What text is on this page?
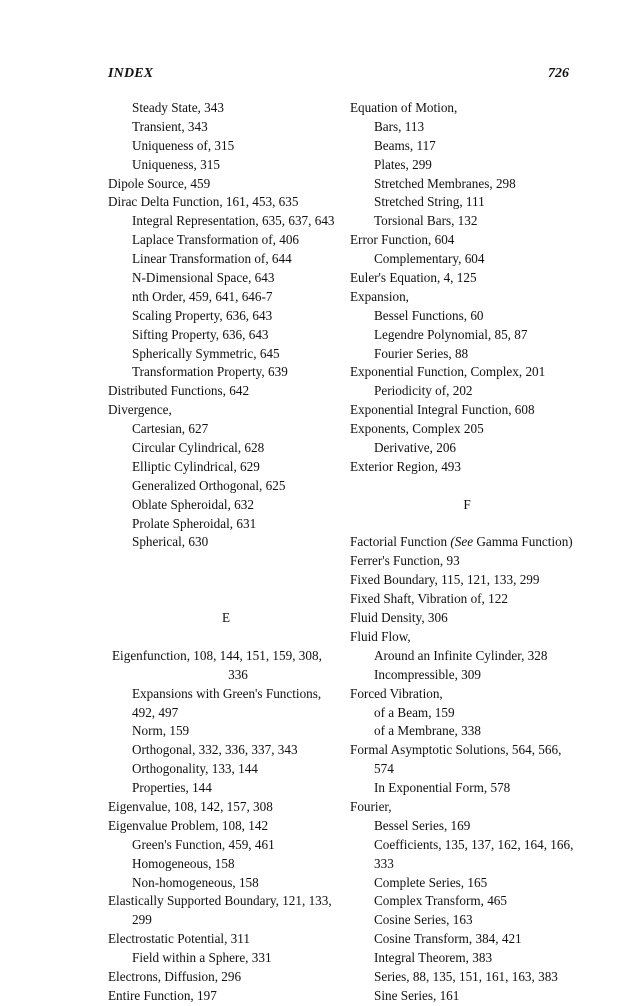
INDEX	726
Steady State, 343
Transient, 343
Uniqueness of, 315
Uniqueness, 315
Dipole Source, 459
Dirac Delta Function, 161, 453, 635
Integral Representation, 635, 637, 643
Laplace Transformation of, 406
Linear Transformation of, 644
N-Dimensional Space, 643
nth Order, 459, 641, 646-7
Scaling Property, 636, 643
Sifting Property, 636, 643
Spherically Symmetric, 645
Transformation Property, 639
Distributed Functions, 642
Divergence,
Cartesian, 627
Circular Cylindrical, 628
Elliptic Cylindrical, 629
Generalized Orthogonal, 625
Oblate Spheroidal, 632
Prolate Spheroidal, 631
Spherical, 630
E
Eigenfunction, 108, 144, 151, 159, 308,
336
Expansions with Green's Functions,
492, 497
Norm, 159
Orthogonal, 332, 336, 337, 343
Orthogonality, 133, 144
Properties, 144
Eigenvalue, 108, 142, 157, 308
Eigenvalue Problem, 108, 142
Green's Function, 459, 461
Homogeneous, 158
Non-homogeneous, 158
Elastically Supported Boundary, 121, 133,
299
Electrostatic Potential, 311
Field within a Sphere, 331
Electrons, Diffusion, 296
Entire Function, 197
Equation of Motion,
Bars, 113
Beams, 117
Plates, 299
Stretched Membranes, 298
Stretched String, 111
Torsional Bars, 132
Error Function, 604
Complementary, 604
Euler's Equation, 4, 125
Expansion,
Bessel Functions, 60
Legendre Polynomial, 85, 87
Fourier Series, 88
Exponential Function, Complex, 201
Periodicity of, 202
Exponential Integral Function, 608
Exponents, Complex 205
Derivative, 206
Exterior Region, 493
F
Factorial Function (See Gamma Function)
Ferrer's Function, 93
Fixed Boundary, 115, 121, 133, 299
Fixed Shaft, Vibration of, 122
Fluid Density, 306
Fluid Flow,
Around an Infinite Cylinder, 328
Incompressible, 309
Forced Vibration,
of a Beam, 159
of a Membrane, 338
Formal Asymptotic Solutions, 564, 566,
574
In Exponential Form, 578
Fourier,
Bessel Series, 169
Coefficients, 135, 137, 162, 164, 166,
333
Complete Series, 165
Complex Transform, 465
Cosine Series, 163
Cosine Transform, 384, 421
Integral Theorem, 383
Series, 88, 135, 151, 161, 163, 383
Sine Series, 161
